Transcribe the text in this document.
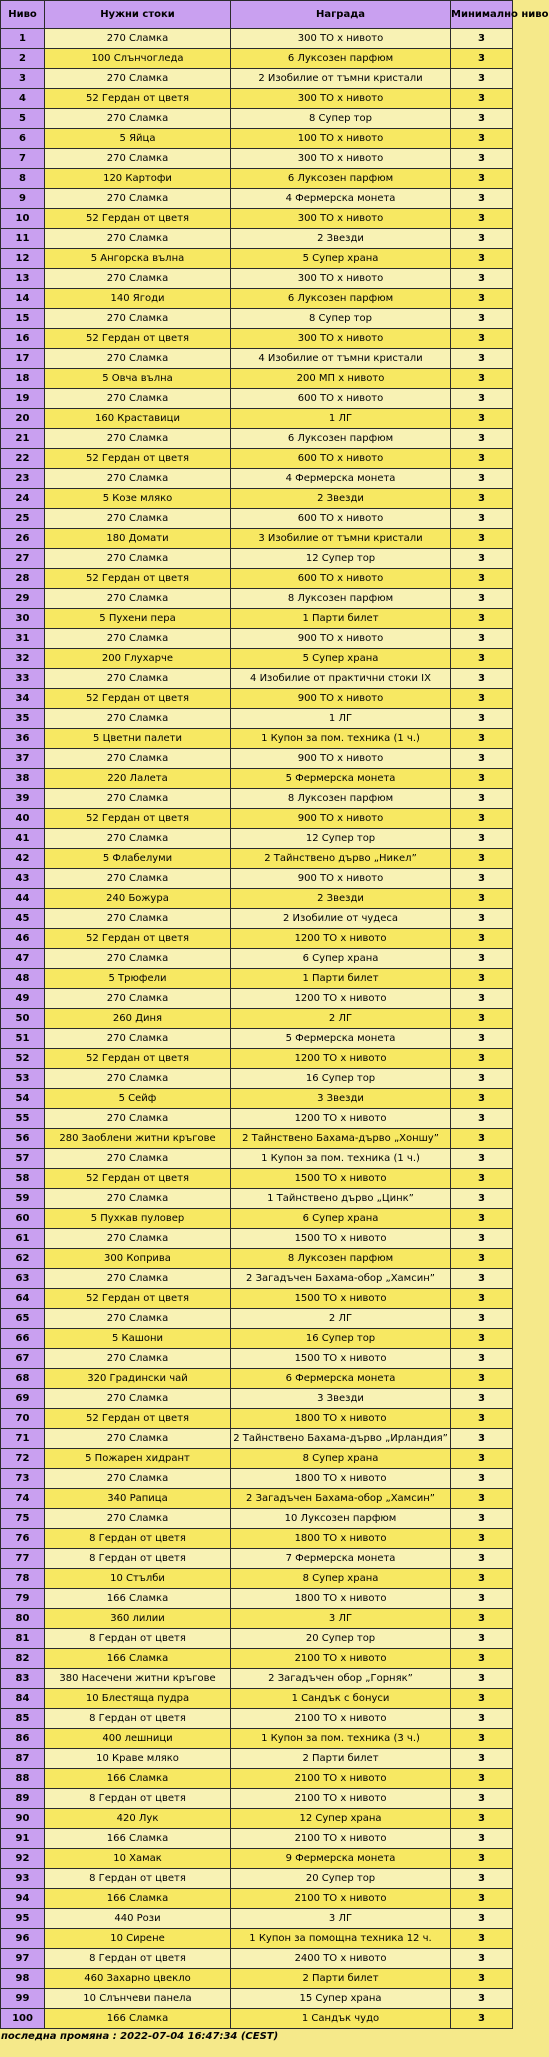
Ниво	Нужни стоки	Награда	Минимално ниво
1	270 Сламка	300 ТО x нивото	3
2	100 Слънчогледа	6 Луксозен парфюм	3
3	270 Сламка	2 Изобилие от тъмни кристали	3
4	52 Гердан от цветя	300 ТО x нивото	3
5	270 Сламка	8 Супер тор	3
6	5 Яйца	100 ТО x нивото	3
7	270 Сламка	300 ТО x нивото	3
8	120 Картофи	6 Луксозен парфюм	3
9	270 Сламка	4 Фермерска монета	3
10	52 Гердан от цветя	300 ТО x нивото	3
11	270 Сламка	2 Звезди	3
12	5 Ангорска вълна	5 Супер храна	3
13	270 Сламка	300 ТО x нивото	3
14	140 Ягоди	6 Луксозен парфюм	3
15	270 Сламка	8 Супер тор	3
16	52 Гердан от цветя	300 ТО x нивото	3
17	270 Сламка	4 Изобилие от тъмни кристали	3
18	5 Овча вълна	200 МП x нивото	3
19	270 Сламка	600 ТО x нивото	3
20	160 Краставици	1 ЛГ	3
21	270 Сламка	6 Луксозен парфюм	3
22	52 Гердан от цветя	600 ТО x нивото	3
23	270 Сламка	4 Фермерска монета	3
24	5 Козе мляко	2 Звезди	3
25	270 Сламка	600 ТО x нивото	3
26	180 Домати	3 Изобилие от тъмни кристали	3
27	270 Сламка	12 Супер тор	3
28	52 Гердан от цветя	600 ТО x нивото	3
29	270 Сламка	8 Луксозен парфюм	3
30	5 Пухени пера	1 Парти билет	3
31	270 Сламка	900 ТО x нивото	3
32	200 Глухарче	5 Супер храна	3
33	270 Сламка	4 Изобилие от практични стоки IX	3
34	52 Гердан от цветя	900 ТО x нивото	3
35	270 Сламка	1 ЛГ	3
36	5 Цветни палети	1 Купон за пом. техника (1 ч.)	3
37	270 Сламка	900 ТО x нивото	3
38	220 Лалета	5 Фермерска монета	3
39	270 Сламка	8 Луксозен парфюм	3
40	52 Гердан от цветя	900 ТО x нивото	3
41	270 Сламка	12 Супер тор	3
42	5 Флабелуми	2 Тайнствено дърво „Никел”	3
43	270 Сламка	900 ТО x нивото	3
44	240 Божура	2 Звезди	3
45	270 Сламка	2 Изобилие от чудеса	3
46	52 Гердан от цветя	1200 ТО x нивото	3
47	270 Сламка	6 Супер храна	3
48	5 Трюфели	1 Парти билет	3
49	270 Сламка	1200 ТО x нивото	3
50	260 Диня	2 ЛГ	3
51	270 Сламка	5 Фермерска монета	3
52	52 Гердан от цветя	1200 ТО x нивото	3
53	270 Сламка	16 Супер тор	3
54	5 Сейф	3 Звезди	3
55	270 Сламка	1200 ТО x нивото	3
56	280 Заоблени житни кръгове	2 Тайнствено Бахама-дърво „Хоншу”	3
57	270 Сламка	1 Купон за пом. техника (1 ч.)	3
58	52 Гердан от цветя	1500 ТО x нивото	3
59	270 Сламка	1 Тайнствено дърво „Цинк”	3
60	5 Пухкав пуловер	6 Супер храна	3
61	270 Сламка	1500 ТО x нивото	3
62	300 Коприва	8 Луксозен парфюм	3
63	270 Сламка	2 Загадъчен Бахама-обор „Хамсин”	3
64	52 Гердан от цветя	1500 ТО x нивото	3
65	270 Сламка	2 ЛГ	3
66	5 Кашони	16 Супер тор	3
67	270 Сламка	1500 ТО x нивото	3
68	320 Градински чай	6 Фермерска монета	3
69	270 Сламка	3 Звезди	3
70	52 Гердан от цветя	1800 ТО x нивото	3
71	270 Сламка	2 Тайнствено Бахама-дърво „Ирландия”	3
72	5 Пожарен хидрант	8 Супер храна	3
73	270 Сламка	1800 ТО x нивото	3
74	340 Рапица	2 Загадъчен Бахама-обор „Хамсин”	3
75	270 Сламка	10 Луксозен парфюм	3
76	8 Гердан от цветя	1800 ТО x нивото	3
77	8 Гердан от цветя	7 Фермерска монета	3
78	10 Стълби	8 Супер храна	3
79	166 Сламка	1800 ТО x нивото	3
80	360 лилии	3 ЛГ	3
81	8 Гердан от цветя	20 Супер тор	3
82	166 Сламка	2100 ТО x нивото	3
83	380 Насечени житни кръгове	2 Загадъчен обор „Горняк”	3
84	10 Блестяща пудра	1 Сандък с бонуси	3
85	8 Гердан от цветя	2100 ТО x нивото	3
86	400 лешници	1 Купон за пом. техника (3 ч.)	3
87	10 Краве мляко	2 Парти билет	3
88	166 Сламка	2100 ТО x нивото	3
89	8 Гердан от цветя	2100 ТО x нивото	3
90	420 Лук	12 Супер храна	3
91	166 Сламка	2100 ТО x нивото	3
92	10 Хамак	9 Фермерска монета	3
93	8 Гердан от цветя	20 Супер тор	3
94	166 Сламка	2100 ТО x нивото	3
95	440 Рози	3 ЛГ	3
96	10 Сирене	1 Купон за помощна техника 12 ч.	3
97	8 Гердан от цветя	2400 ТО x нивото	3
98	460 Захарно цвекло	2 Парти билет	3
99	10 Слънчеви панела	15 Супер храна	3
100	166 Сламка	1 Сандък чудо	3
последна промяна : 2022-07-04 16:47:34 (CEST)
